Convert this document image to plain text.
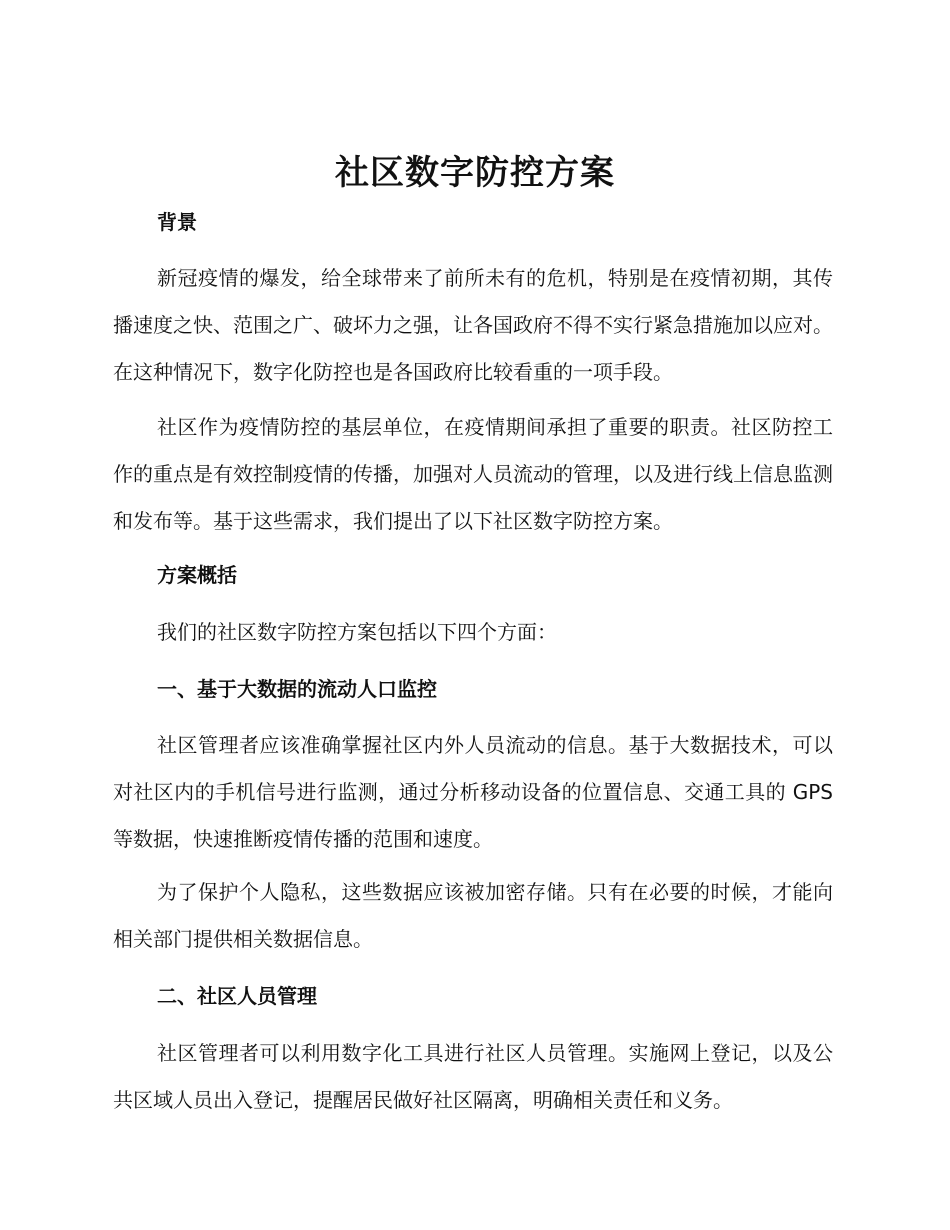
社区数字防控方案
背景

新冠疫情的爆发，给全球带来了前所未有的危机，特别是在疫情初期，其传播速度之快、范围之广、破坏力之强，让各国政府不得不实行紧急措施加以应对。在这种情况下，数字化防控也是各国政府比较看重的一项手段。

社区作为疫情防控的基层单位，在疫情期间承担了重要的职责。社区防控工作的重点是有效控制疫情的传播，加强对人员流动的管理，以及进行线上信息监测和发布等。基于这些需求，我们提出了以下社区数字防控方案。

方案概括

我们的社区数字防控方案包括以下四个方面：

一、基于大数据的流动人口监控

社区管理者应该准确掌握社区内外人员流动的信息。基于大数据技术，可以对社区内的手机信号进行监测，通过分析移动设备的位置信息、交通工具的 GPS 等数据，快速推断疫情传播的范围和速度。

为了保护个人隐私，这些数据应该被加密存储。只有在必要的时候，才能向相关部门提供相关数据信息。

二、社区人员管理

社区管理者可以利用数字化工具进行社区人员管理。实施网上登记，以及公共区域人员出入登记，提醒居民做好社区隔离，明确相关责任和义务。
